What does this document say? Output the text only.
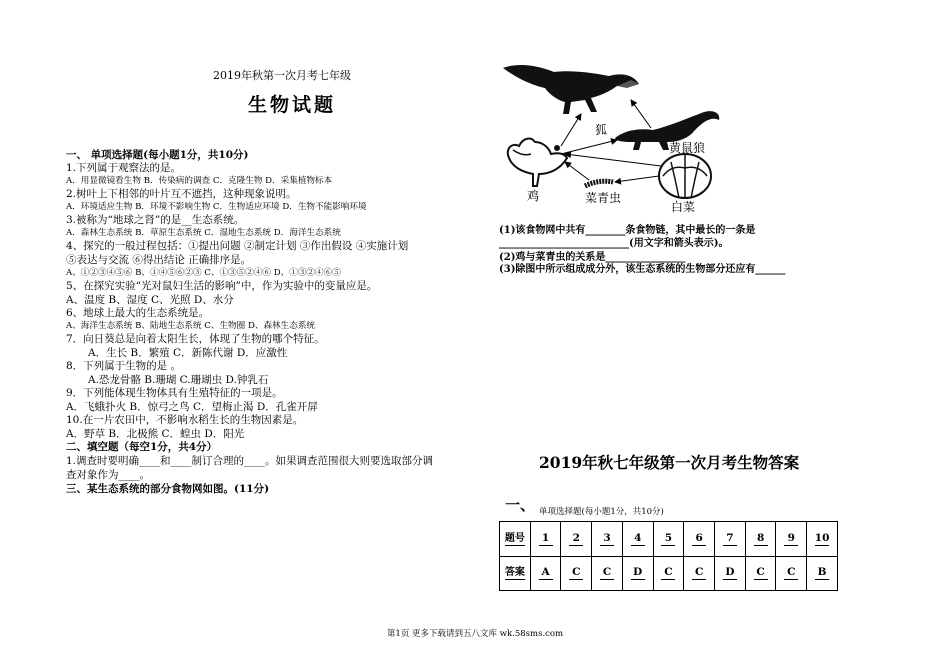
2019年秋第一次月考七年级
生物试题
一、 单项选择题(每小题1分，共10分)
1.下列属于观察法的是。
A．用显微镜看生物 B．传染病的调查 C．克隆生物 D．采集植物标本
2.树叶上下相邻的叶片互不遮挡，这种现象说明。
A．环境适应生物 B．环境不影响生物 C．生物适应环境 D．生物不能影响环境
3.被称为“地球之肾”的是__生态系统。
A．森林生态系统 B．草原生态系统 C．湿地生态系统 D．海洋生态系统
4、探究的一般过程包括：①提出问题 ②制定计划 ③作出假设 ④实施计划
⑤表达与交流 ⑥得出结论 正确排序是。
A、①②③④⑤⑥ B、①④⑤⑥②③ C、①③⑤②④⑥ D、①③②④⑥⑤
5、在探究实验“光对鼠妇生活的影响”中，作为实验中的变量应是。
A、温度 B、湿度 C、光照 D、水分
6、地球上最大的生态系统是。
A、海洋生态系统 B、陆地生态系统 C、生物圈 D、森林生态系统
7．向日葵总是向着太阳生长，体现了生物的哪个特征。
A．生长 B．繁殖 C．新陈代谢 D．应激性
8．下列属于生物的是 。
A.恐龙骨骼 B.珊瑚 C.珊瑚虫 D.钟乳石
9．下列能体现生物体具有生殖特征的一项是。
A．飞蛾扑火 B．惊弓之鸟 C．望梅止渴 D．孔雀开屏
10.在一片农田中，不影响水稻生长的生物因素是。
A．野草 B．北极熊 C．蝗虫 D．阳光
二、填空题（每空1分，共4分）
1.调查时要明确____和____制订合理的____。如果调查范围很大则要选取部分调
查对象作为____。
三、某生态系统的部分食物网如图。(11分)
狐
黄鼠狼
鸡	菜青虫
白菜
(1)该食物网中共有________条食物链，其中最长的一条是
__________________________(用文字和箭头表示)。
(2)鸡与菜青虫的关系是________________
(3)除图中所示组成成分外，该生态系统的生物部分还应有______
2019年秋七年级第一次月考生物答案
一、 单项选择题(每小题1分，共10分)
题号	1	2	3	4	5	6	7	8	9	10
答案	A	C	C	D	C	C	D	C	C	B
第1页 更多下载请到五八文库 wk.58sms.com
